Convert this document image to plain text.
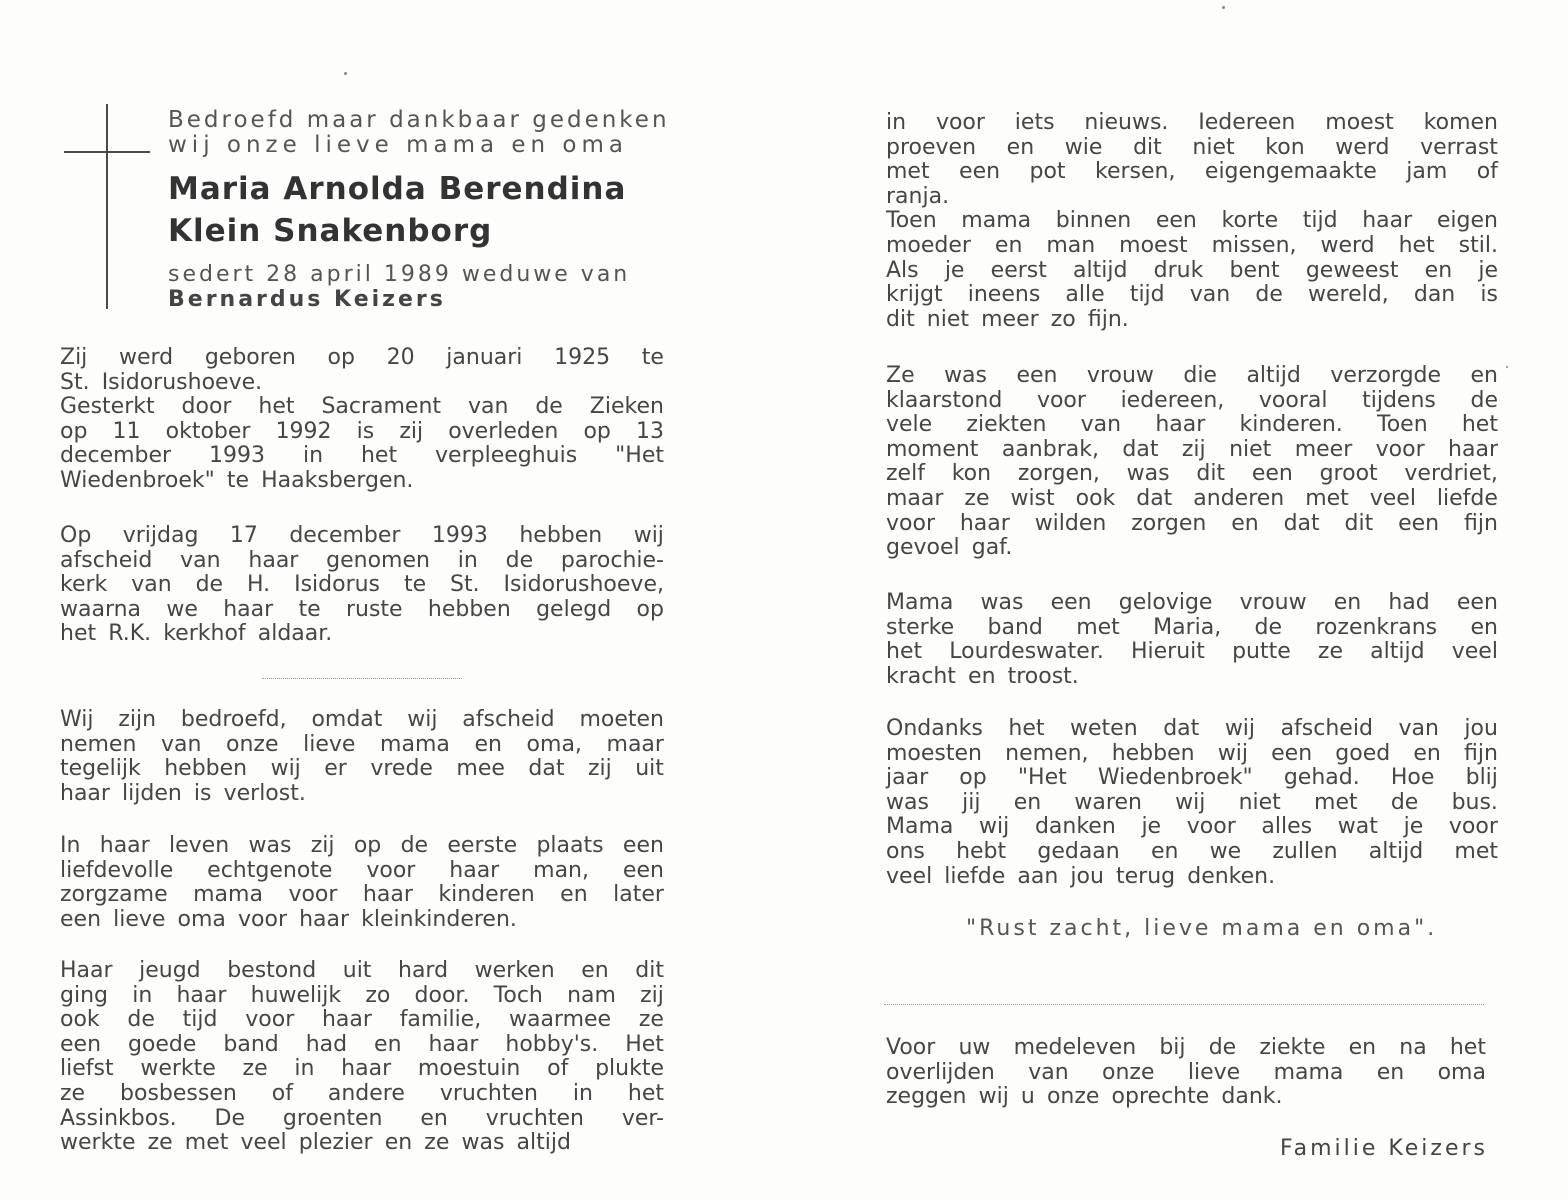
Bedroefd maar dankbaar gedenken
wij onze lieve mama en oma
Maria Arnolda Berendina
Klein Snakenborg
sedert 28 april 1989 weduwe van
Bernardus Keizers
Zij werd geboren op 20 januari 1925 te
St. Isidorushoeve.
Gesterkt door het Sacrament van de Zieken
op 11 oktober 1992 is zij overleden op 13
december 1993 in het verpleeghuis "Het
Wiedenbroek" te Haaksbergen.
Op vrijdag 17 december 1993 hebben wij
afscheid van haar genomen in de parochie-
kerk van de H. Isidorus te St. Isidorushoeve,
waarna we haar te ruste hebben gelegd op
het R.K. kerkhof aldaar.
Wij zijn bedroefd, omdat wij afscheid moeten
nemen van onze lieve mama en oma, maar
tegelijk hebben wij er vrede mee dat zij uit
haar lijden is verlost.
In haar leven was zij op de eerste plaats een
liefdevolle echtgenote voor haar man, een
zorgzame mama voor haar kinderen en later
een lieve oma voor haar kleinkinderen.
Haar jeugd bestond uit hard werken en dit
ging in haar huwelijk zo door. Toch nam zij
ook de tijd voor haar familie, waarmee ze
een goede band had en haar hobby's. Het
liefst werkte ze in haar moestuin of plukte
ze bosbessen of andere vruchten in het
Assinkbos. De groenten en vruchten ver-
werkte ze met veel plezier en ze was altijd
in voor iets nieuws. Iedereen moest komen
proeven en wie dit niet kon werd verrast
met een pot kersen, eigengemaakte jam of
ranja.
Toen mama binnen een korte tijd haar eigen
moeder en man moest missen, werd het stil.
Als je eerst altijd druk bent geweest en je
krijgt ineens alle tijd van de wereld, dan is
dit niet meer zo fijn.
Ze was een vrouw die altijd verzorgde en
klaarstond voor iedereen, vooral tijdens de
vele ziekten van haar kinderen. Toen het
moment aanbrak, dat zij niet meer voor haar
zelf kon zorgen, was dit een groot verdriet,
maar ze wist ook dat anderen met veel liefde
voor haar wilden zorgen en dat dit een fijn
gevoel gaf.
Mama was een gelovige vrouw en had een
sterke band met Maria, de rozenkrans en
het Lourdeswater. Hieruit putte ze altijd veel
kracht en troost.
Ondanks het weten dat wij afscheid van jou
moesten nemen, hebben wij een goed en fijn
jaar op "Het Wiedenbroek" gehad. Hoe blij
was jij en waren wij niet met de bus.
Mama wij danken je voor alles wat je voor
ons hebt gedaan en we zullen altijd met
veel liefde aan jou terug denken.
Voor uw medeleven bij de ziekte en na het
overlijden van onze lieve mama en oma
zeggen wij u onze oprechte dank.
"Rust zacht, lieve mama en oma".
Familie Keizers
